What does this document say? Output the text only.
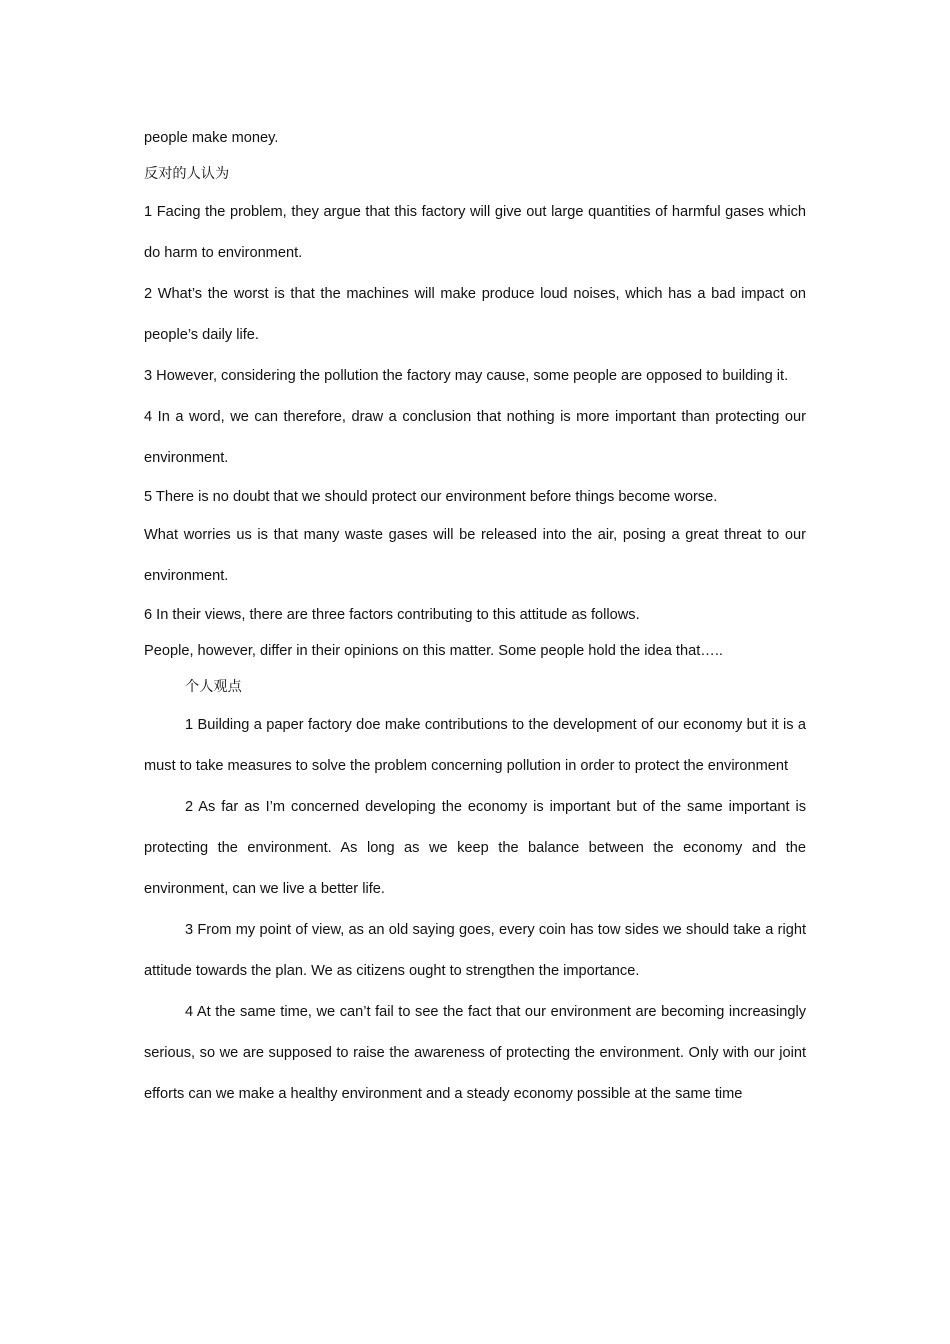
people make money.

反对的人认为

1 Facing the problem, they argue that this factory will give out large quantities of harmful gases which do harm to environment.

2 What’s the worst is that the machines will make produce loud noises, which has a bad impact on people’s daily life.

3 However, considering the pollution the factory may cause, some people are opposed to building it.

4 In a word, we can therefore, draw a conclusion that nothing is more important than protecting our environment.

5 There is no doubt that we should protect our environment before things become worse.

What worries us is that many waste gases will be released into the air, posing a great threat to our environment.

6 In their views, there are three factors contributing to this attitude as follows.

People, however, differ in their opinions on this matter. Some people hold the idea that…..

个人观点

1 Building a paper factory doe make contributions to the development of our economy but it is a must to take measures to solve the problem concerning pollution in order to protect the environment

2 As far as I’m concerned developing the economy is important but of the same important is protecting the environment. As long as we keep the balance between the economy and the environment, can we live a better life.

3 From my point of view, as an old saying goes, every coin has tow sides we should take a right attitude towards the plan. We as citizens ought to strengthen the importance.

4 At the same time, we can’t fail to see the fact that our environment are becoming increasingly serious, so we are supposed to raise the awareness of protecting the environment. Only with our joint efforts can we make a healthy environment and a steady economy possible at the same time
